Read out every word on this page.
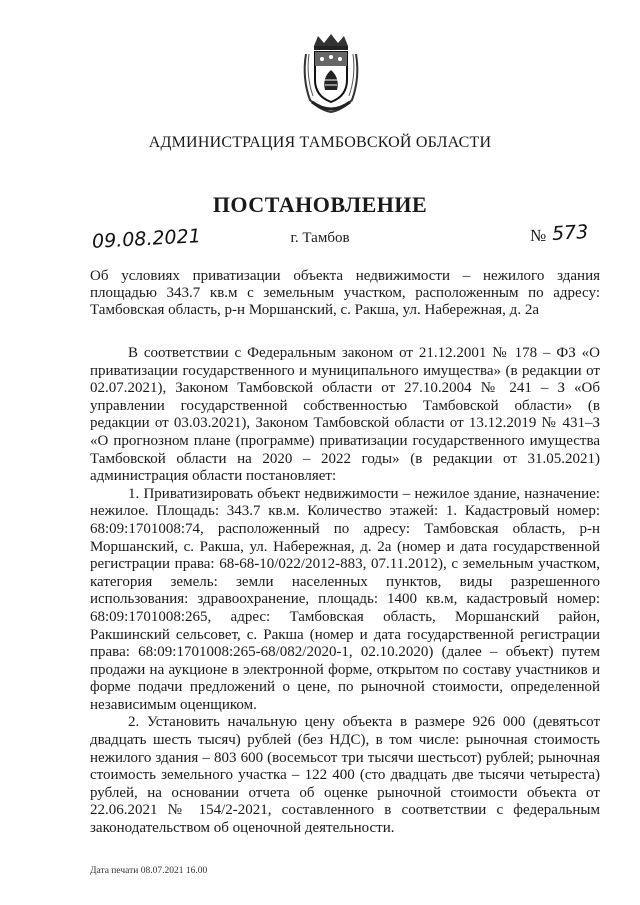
АДМИНИСТРАЦИЯ ТАМБОВСКОЙ ОБЛАСТИ
ПОСТАНОВЛЕНИЕ
09.08.2021	г. Тамбов	№ 573
Об условиях приватизации объекта недвижимости – нежилого здания площадью 343.7 кв.м с земельным участком, расположенным по адресу: Тамбовская область, р-н Моршанский, с. Ракша, ул. Набережная, д. 2а

В соответствии с Федеральным законом от 21.12.2001 № 178 – ФЗ «О приватизации государственного и муниципального имущества» (в редакции от 02.07.2021), Законом Тамбовской области от 27.10.2004 № 241 – З «Об управлении государственной собственностью Тамбовской области» (в редакции от 03.03.2021), Законом Тамбовской области от 13.12.2019 № 431–З «О прогнозном плане (программе) приватизации государственного имущества Тамбовской области на 2020 – 2022 годы» (в редакции от 31.05.2021) администрация области постановляет:

1. Приватизировать объект недвижимости – нежилое здание, назначение: нежилое. Площадь: 343.7 кв.м. Количество этажей: 1. Кадастровый номер: 68:09:1701008:74, расположенный по адресу: Тамбовская область, р-н Моршанский, с. Ракша, ул. Набережная, д. 2а (номер и дата государственной регистрации права: 68-68-10/022/2012-883, 07.11.2012), с земельным участком, категория земель: земли населенных пунктов, виды разрешенного использования: здравоохранение, площадь: 1400 кв.м, кадастровый номер: 68:09:1701008:265, адрес: Тамбовская область, Моршанский район, Ракшинский сельсовет, с. Ракша (номер и дата государственной регистрации права: 68:09:1701008:265-68/082/2020-1, 02.10.2020) (далее – объект) путем продажи на аукционе в электронной форме, открытом по составу участников и форме подачи предложений о цене, по рыночной стоимости, определенной независимым оценщиком.

2. Установить начальную цену объекта в размере 926 000 (девятьсот двадцать шесть тысяч) рублей (без НДС), в том числе: рыночная стоимость нежилого здания – 803 600 (восемьсот три тысячи шестьсот) рублей; рыночная стоимость земельного участка – 122 400 (сто двадцать две тысячи четыреста) рублей, на основании отчета об оценке рыночной стоимости объекта от 22.06.2021 № 154/2-2021, составленного в соответствии с федеральным законодательством об оценочной деятельности.

Дата печати 08.07.2021 16.00
